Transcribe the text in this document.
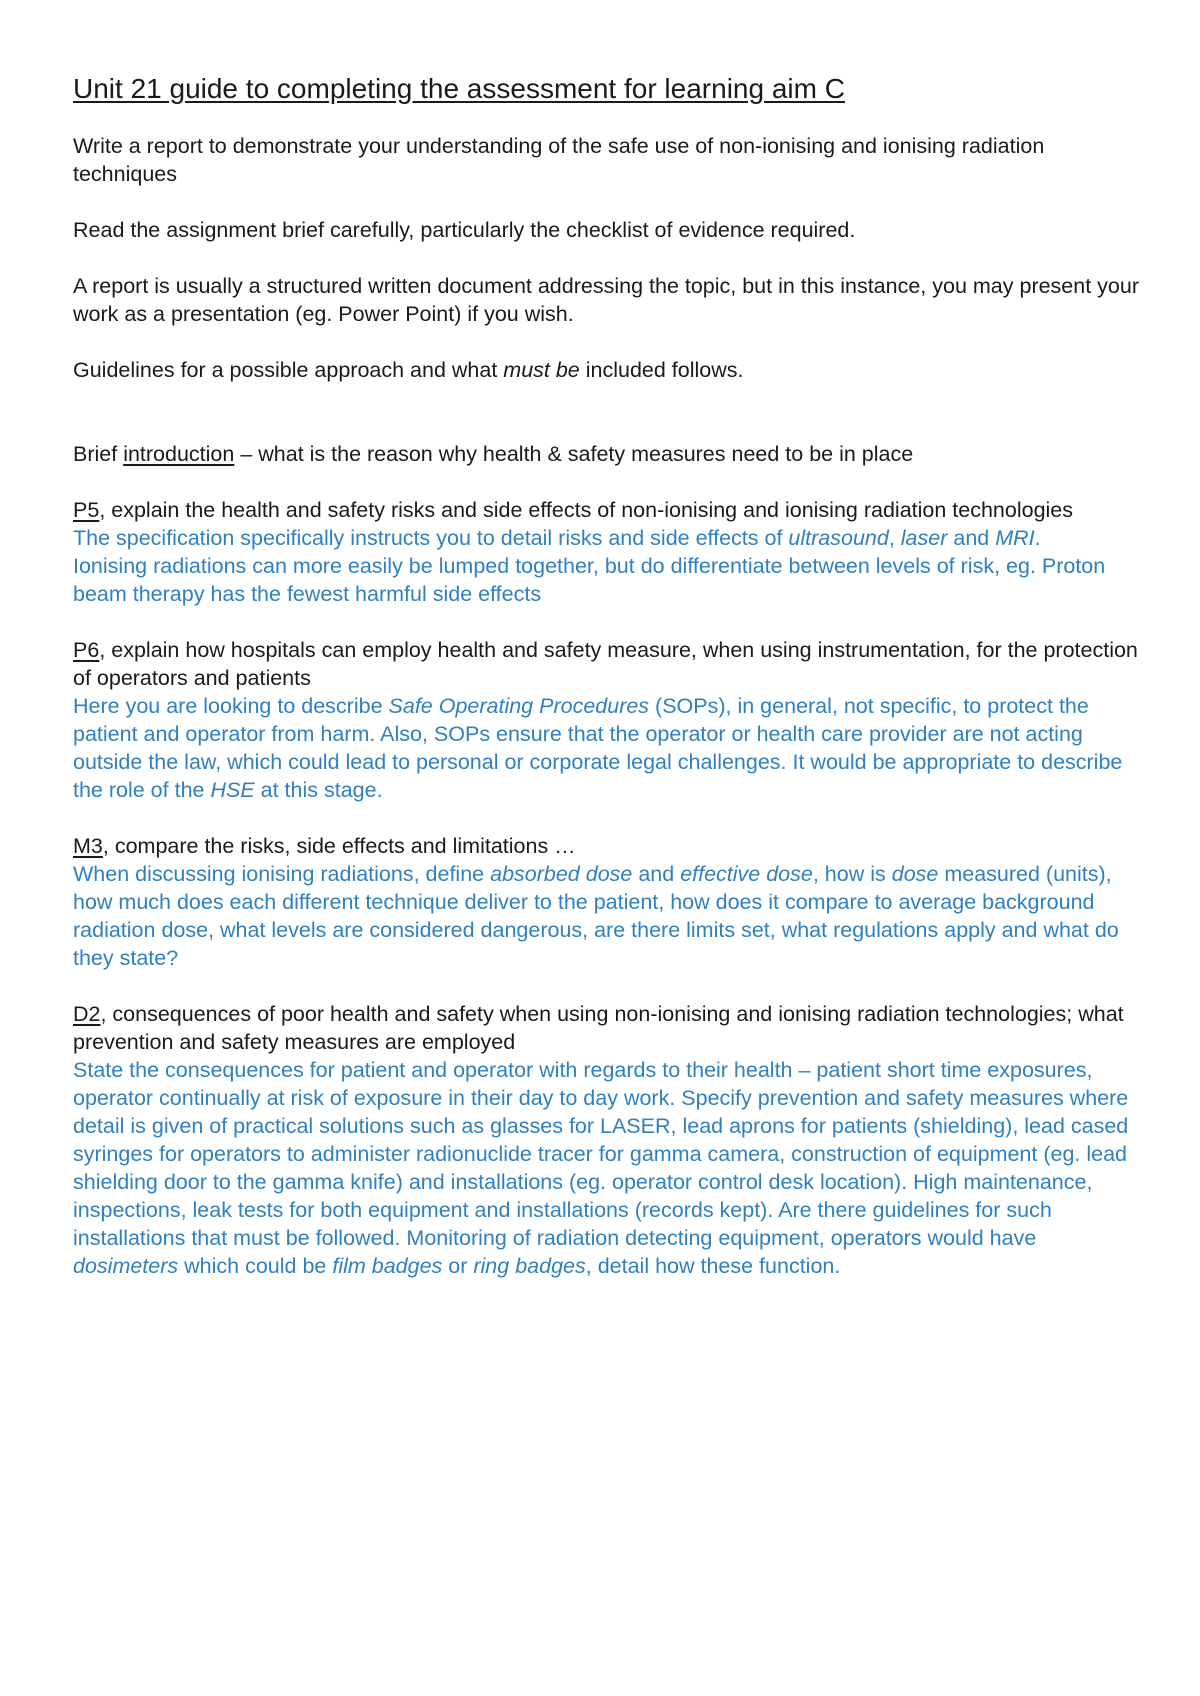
Unit 21 guide to completing the assessment for learning aim C

Write a report to demonstrate your understanding of the safe use of non-ionising and ionising radiation techniques

Read the assignment brief carefully, particularly the checklist of evidence required.

A report is usually a structured written document addressing the topic, but in this instance, you may present your work as a presentation (eg. Power Point) if you wish.

Guidelines for a possible approach and what must be included follows.

Brief introduction – what is the reason why health & safety measures need to be in place

P5, explain the health and safety risks and side effects of non-ionising and ionising radiation technologies

The specification specifically instructs you to detail risks and side effects of ultrasound, laser and MRI.

Ionising radiations can more easily be lumped together, but do differentiate between levels of risk, eg. Proton beam therapy has the fewest harmful side effects

P6, explain how hospitals can employ health and safety measure, when using instrumentation, for the protection of operators and patients

Here you are looking to describe Safe Operating Procedures (SOPs), in general, not specific, to protect the patient and operator from harm. Also, SOPs ensure that the operator or health care provider are not acting outside the law, which could lead to personal or corporate legal challenges. It would be appropriate to describe the role of the HSE at this stage.

M3, compare the risks, side effects and limitations …

When discussing ionising radiations, define absorbed dose and effective dose, how is dose measured (units), how much does each different technique deliver to the patient, how does it compare to average background radiation dose, what levels are considered dangerous, are there limits set, what regulations apply and what do they state?

D2, consequences of poor health and safety when using non-ionising and ionising radiation technologies; what prevention and safety measures are employed

State the consequences for patient and operator with regards to their health – patient short time exposures, operator continually at risk of exposure in their day to day work. Specify prevention and safety measures where detail is given of practical solutions such as glasses for LASER, lead aprons for patients (shielding), lead cased syringes for operators to administer radionuclide tracer for gamma camera, construction of equipment (eg. lead shielding door to the gamma knife) and installations (eg. operator control desk location). High maintenance, inspections, leak tests for both equipment and installations (records kept). Are there guidelines for such installations that must be followed. Monitoring of radiation detecting equipment, operators would have dosimeters which could be film badges or ring badges, detail how these function.
